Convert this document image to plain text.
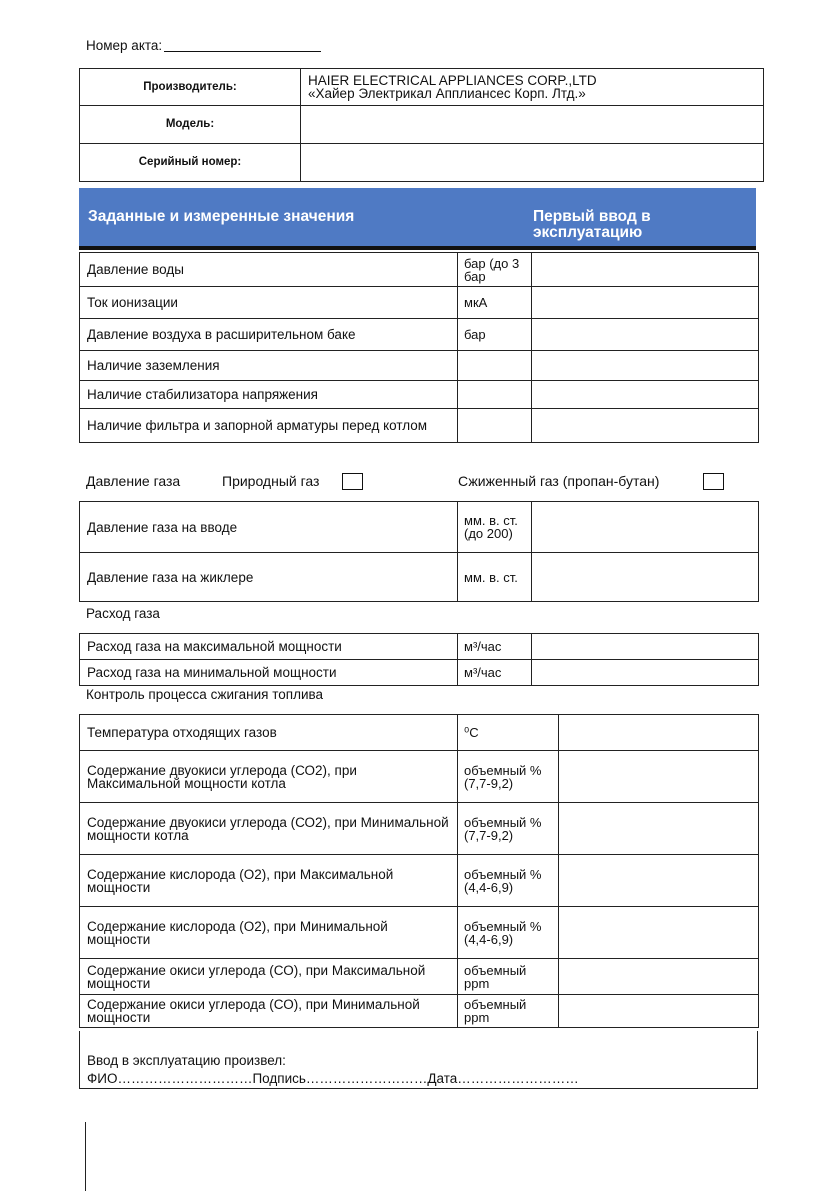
Номер акта:
Производитель:	HAIER ELECTRICAL APPLIANCES CORP.,LTD
«Хайер Электрикал Апплиансес Корп. Лтд.»

Модель:	
Серийный номер:	
Заданные и измеренные значения	Первый ввод в эксплуатацию
Давление воды	бар (до 3 бар	
Ток ионизации	мкА	
Давление воздуха в расширительном баке	бар	
Наличие заземления		
Наличие стабилизатора напряжения		
Наличие фильтра и запорной арматуры перед котлом		
Давление газа	Природный газ	Сжиженный газ (пропан-бутан)
Давление газа на вводе	мм. в. ст. (до 200)	
Давление газа на жиклере	мм. в. ст.	
Расход газа
Расход газа на максимальной мощности	м³/час	
Расход газа на минимальной мощности	м³/час	
Контроль процесса сжигания топлива
Температура отходящих газов	⁰C	
Содержание двуокиси углерода (СО2), при Максимальной мощности котла	объемный % (7,7-9,2)	
Содержание двуокиси углерода (СО2), при Минимальной мощности котла	объемный % (7,7-9,2)	
Содержание кислорода (О2), при Максимальной мощности	объемный % (4,4-6,9)	
Содержание кислорода (О2), при Минимальной мощности	объемный % (4,4-6,9)	
Содержание окиси углерода (СО), при Максимальной мощности	объемный ppm	
Содержание окиси углерода (СО), при Минимальной мощности	объемный ppm	
Ввод в эксплуатацию произвел:
ФИО…………………………Подпись………………………Дата………………………
